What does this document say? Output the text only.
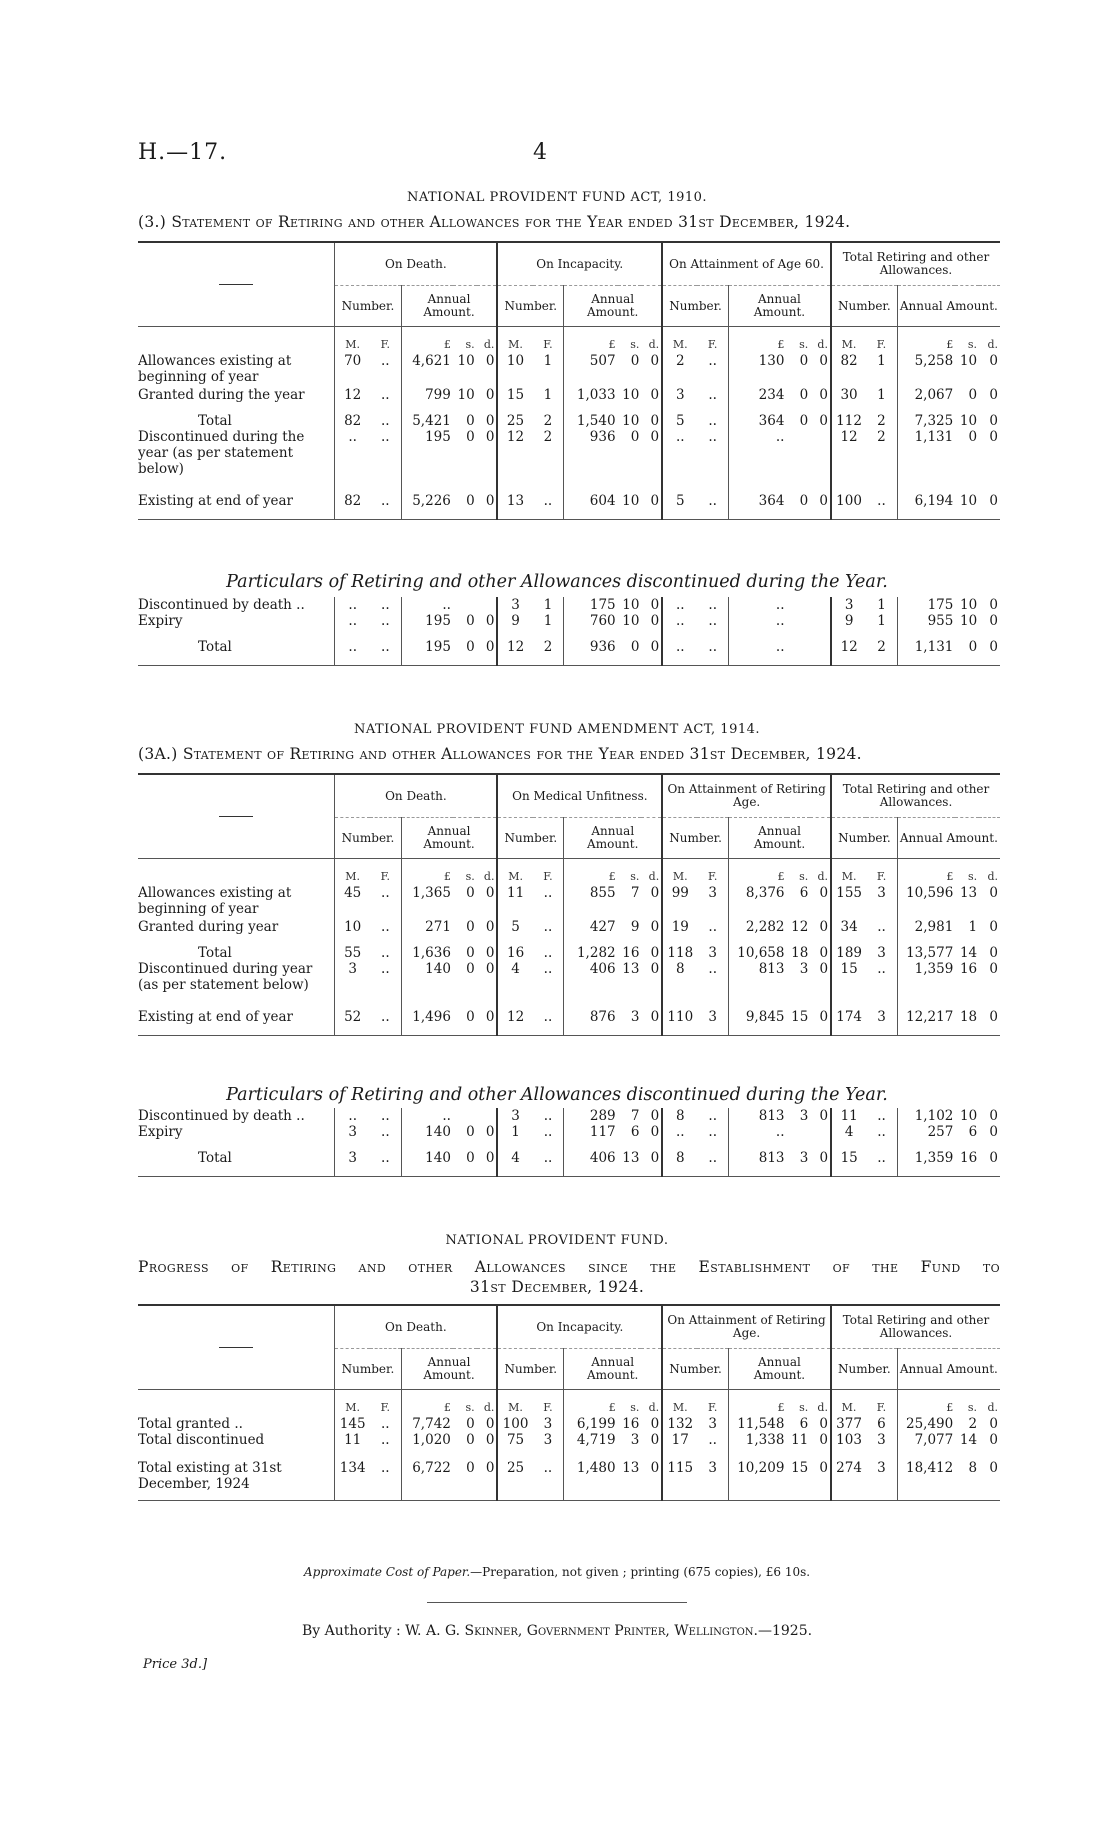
H.—17.	4
NATIONAL PROVIDENT FUND ACT, 1910.
(3.) Statement of Retiring and other Allowances for the Year ended 31st December, 1924.
	On Death.					On Incapacity.					On Attainment of Age 60.					Total Retiring and other Allowances.				
	Number.		Annual Amount.			Number.		Annual Amount.			Number.		Annual Amount.			Number.		Annual Amount.		

	M.	F.	£	s.	d.	M.	F.	£	s.	d.	M.	F.	£	s.	d.	M.	F.	£	s.	d.
Allowances existing at beginning of year	70	..	4,621	10	0	10	1	507	0	0	2	..	130	0	0	82	1	5,258	10	0
Granted during the year	12	..	799	10	0	15	1	1,033	10	0	3	..	234	0	0	30	1	2,067	0	0
Total	82	..	5,421	0	0	25	2	1,540	10	0	5	..	364	0	0	112	2	7,325	10	0
Discontinued during the year (as per statement below)	..	..	195	0	0	12	2	936	0	0	..	..	..			12	2	1,131	0	0
Existing at end of year	82	..	5,226	0	0	13	..	604	10	0	5	..	364	0	0	100	..	6,194	10	0

Particulars of Retiring and other Allowances discontinued during the Year.
Discontinued by death ..	..	..	..			3	1	175	10	0	..	..	..			3	1	175	10	0
Expiry	..	..	195	0	0	9	1	760	10	0	..	..	..			9	1	955	10	0
Total	..	..	195	0	0	12	2	936	0	0	..	..	..			12	2	1,131	0	0

NATIONAL PROVIDENT FUND AMENDMENT ACT, 1914.
(3A.) Statement of Retiring and other Allowances for the Year ended 31st December, 1924.
	On Death.					On Medical Unfitness.					On Attainment of Retiring Age.					Total Retiring and other Allowances.				
	Number.		Annual Amount.			Number.		Annual Amount.			Number.		Annual Amount.			Number.		Annual Amount.		

	M.	F.	£	s.	d.	M.	F.	£	s.	d.	M.	F.	£	s.	d.	M.	F.	£	s.	d.
Allowances existing at beginning of year	45	..	1,365	0	0	11	..	855	7	0	99	3	8,376	6	0	155	3	10,596	13	0
Granted during year	10	..	271	0	0	5	..	427	9	0	19	..	2,282	12	0	34	..	2,981	1	0
Total	55	..	1,636	0	0	16	..	1,282	16	0	118	3	10,658	18	0	189	3	13,577	14	0
Discontinued during year (as per statement below)	3	..	140	0	0	4	..	406	13	0	8	..	813	3	0	15	..	1,359	16	0
Existing at end of year	52	..	1,496	0	0	12	..	876	3	0	110	3	9,845	15	0	174	3	12,217	18	0

Particulars of Retiring and other Allowances discontinued during the Year.
Discontinued by death ..	..	..	..			3	..	289	7	0	8	..	813	3	0	11	..	1,102	10	0
Expiry	3	..	140	0	0	1	..	117	6	0	..	..	..			4	..	257	6	0
Total	3	..	140	0	0	4	..	406	13	0	8	..	813	3	0	15	..	1,359	16	0

NATIONAL PROVIDENT FUND.
Progress of Retiring and other Allowances since the Establishment of the Fund to
31st December, 1924.
	On Death.					On Incapacity.					On Attainment of Retiring Age.					Total Retiring and other Allowances.				
	Number.		Annual Amount.			Number.		Annual Amount.			Number.		Annual Amount.			Number.		Annual Amount.		

	M.	F.	£	s.	d.	M.	F.	£	s.	d.	M.	F.	£	s.	d.	M.	F.	£	s.	d.
Total granted ..	145	..	7,742	0	0	100	3	6,199	16	0	132	3	11,548	6	0	377	6	25,490	2	0
Total discontinued	11	..	1,020	0	0	75	3	4,719	3	0	17	..	1,338	11	0	103	3	7,077	14	0
Total existing at 31st December, 1924	134	..	6,722	0	0	25	..	1,480	13	0	115	3	10,209	15	0	274	3	18,412	8	0

Approximate Cost of Paper.—Preparation, not given ; printing (675 copies), £6 10s.
By Authority : W. A. G. Skinner, Government Printer, Wellington.—1925.
Price 3d.]
